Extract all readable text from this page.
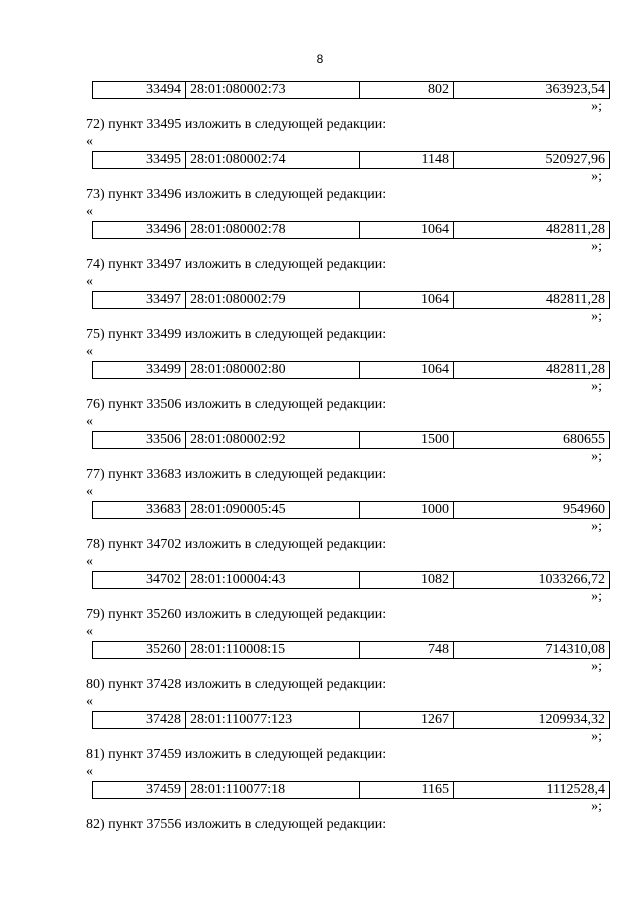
8
33494	28:01:080002:73	802	363923,54
»;
72) пункт 33495 изложить в следующей редакции:
«
33495	28:01:080002:74	1148	520927,96
»;
73) пункт 33496 изложить в следующей редакции:
«
33496	28:01:080002:78	1064	482811,28
»;
74) пункт 33497 изложить в следующей редакции:
«
33497	28:01:080002:79	1064	482811,28
»;
75) пункт 33499 изложить в следующей редакции:
«
33499	28:01:080002:80	1064	482811,28
»;
76) пункт 33506 изложить в следующей редакции:
«
33506	28:01:080002:92	1500	680655
»;
77) пункт 33683 изложить в следующей редакции:
«
33683	28:01:090005:45	1000	954960
»;
78) пункт 34702 изложить в следующей редакции:
«
34702	28:01:100004:43	1082	1033266,72
»;
79) пункт 35260 изложить в следующей редакции:
«
35260	28:01:110008:15	748	714310,08
»;
80) пункт 37428 изложить в следующей редакции:
«
37428	28:01:110077:123	1267	1209934,32
»;
81) пункт 37459 изложить в следующей редакции:
«
37459	28:01:110077:18	1165	1112528,4
»;
82) пункт 37556 изложить в следующей редакции:
